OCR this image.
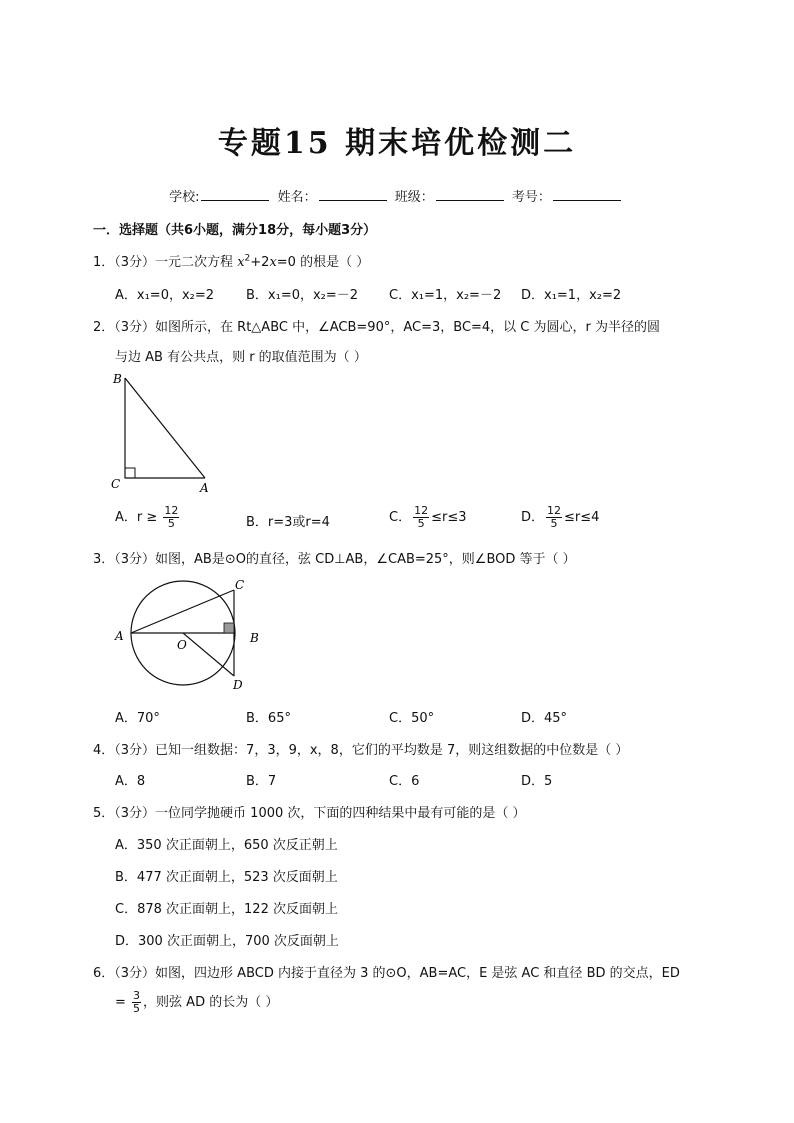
专题15 期末培优检测二
学校:	姓名：	班级：	考号：
一．选择题（共6小题，满分18分，每小题3分）
1．（3分）一元二次方程 $x^2+2x=0$ 的根是（ ）
A．x₁=0，x₂=2 B．x₁=0，x₂=－2 C．x₁=1，x₂=－2 D．x₁=1，x₂=2
2．（3分）如图所示，在 Rt△ABC 中，∠ACB=90°，AC=3，BC=4，以 C 为圆心，r 为半径的圆
与边 AB 有公共点，则 r 的取值范围为（ ）
B
C	A
A．$r \ge \frac{12}{5}$	B．r=3或r=4	C． $\frac{12}{5} \le r\le 3$	D． $\frac{12}{5} \le r\le 4$
3．（3分）如图，AB是⊙O的直径，弦 CD⊥AB，∠CAB=25°，则∠BOD 等于（ ）
A	B
C
D
O
A．70°	B．65°	C．50°	D．45°
4．（3分）已知一组数据：7，3，9，x，8，它们的平均数是 7，则这组数据的中位数是（ ）
A．8	B．7	C．6	D．5
5．（3分）一位同学抛硬币 1000 次，下面的四种结果中最有可能的是（ ）
A．350 次正面朝上，650 次反正朝上
B．477 次正面朝上，523 次反面朝上
C．878 次正面朝上，122 次反面朝上
D．300 次正面朝上，700 次反面朝上
6．（3分）如图，四边形 ABCD 内接于直径为 3 的⊙O，AB=AC，E 是弦 AC 和直径 BD 的交点，ED
= $\frac{3}{5}$ ，则弦 AD 的长为（ ）
